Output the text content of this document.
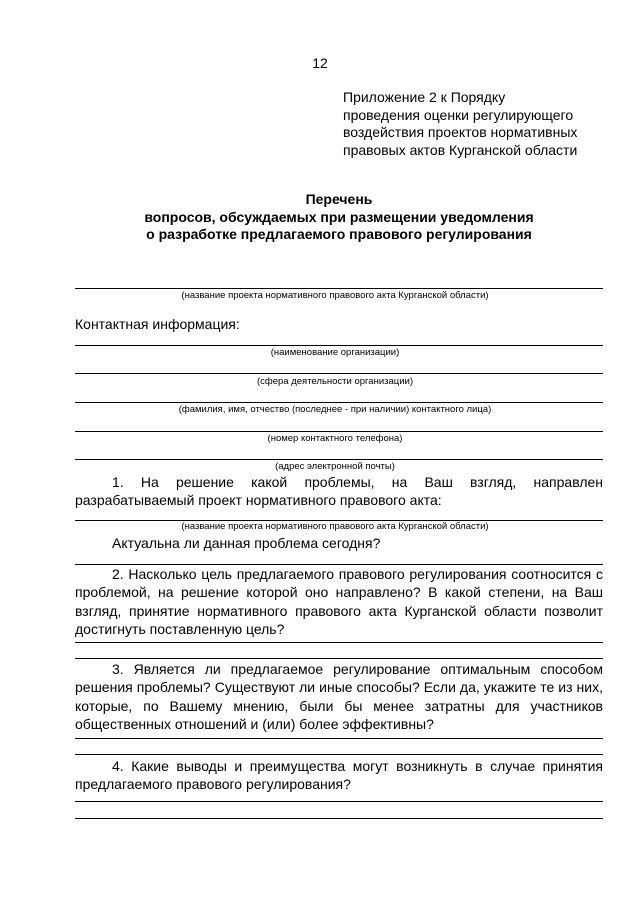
12
Приложение 2 к Порядку
проведения оценки регулирующего
воздействия проектов нормативных
правовых актов Курганской области
Перечень
вопросов, обсуждаемых при размещении уведомления
о разработке предлагаемого правового регулирования
(название проекта нормативного правового акта Курганской области)
Контактная информация:
(наименование организации)
(сфера деятельности организации)
(фамилия, имя, отчество (последнее - при наличии) контактного лица)
(номер контактного телефона)
(адрес электронной почты)
1. На решение какой проблемы, на Ваш взгляд, направлен
разрабатываемый проект нормативного правового акта:
(название проекта нормативного правового акта Курганской области)
Актуальна ли данная проблема сегодня?
2. Насколько цель предлагаемого правового регулирования соотносится с
проблемой, на решение которой оно направлено? В какой степени, на Ваш
взгляд, принятие нормативного правового акта Курганской области позволит
достигнуть поставленную цель?
3. Является ли предлагаемое регулирование оптимальным способом
решения проблемы? Существуют ли иные способы? Если да, укажите те из них,
которые, по Вашему мнению, были бы менее затратны для участников
общественных отношений и (или) более эффективны?
4. Какие выводы и преимущества могут возникнуть в случае принятия
предлагаемого правового регулирования?
